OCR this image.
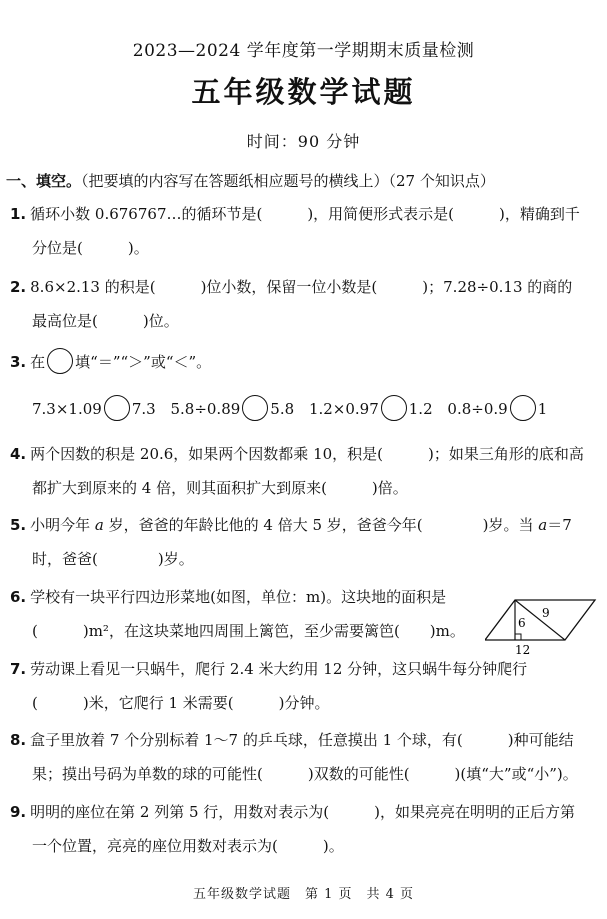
2023—2024 学年度第一学期期末质量检测
五年级数学试题
时间：90 分钟
一、填空。（把要填的内容写在答题纸相应题号的横线上）（27 个知识点）
1. 循环小数 0.676767…的循环节是(　　　)，用简便形式表示是(　　　)，精确到千
分位是(　　　)。
2. 8.6×2.13 的积是(　　　)位小数，保留一位小数是(　　　)；7.28÷0.13 的商的
最高位是(　　　)位。
3. 在 填“＝”“＞”或“＜”。
7.3×1.09 7.3 5.8÷0.89 5.8 1.2×0.97 1.2 0.8÷0.9 1
4. 两个因数的积是 20.6，如果两个因数都乘 10，积是(　　　)；如果三角形的底和高
都扩大到原来的 4 倍，则其面积扩大到原来(　　　)倍。
5. 小明今年 a 岁，爸爸的年龄比他的 4 倍大 5 岁，爸爸今年(　　　　)岁。当 a＝7
时，爸爸(　　　　)岁。
6. 学校有一块平行四边形菜地(如图，单位：m)。这块地的面积是
(　　　)m²，在这块菜地四周围上篱笆，至少需要篱笆(　　)m。
9
6
12
7. 劳动课上看见一只蜗牛，爬行 2.4 米大约用 12 分钟，这只蜗牛每分钟爬行
(　　　)米，它爬行 1 米需要(　　　)分钟。
8. 盒子里放着 7 个分别标着 1～7 的乒乓球，任意摸出 1 个球，有(　　　)种可能结
果；摸出号码为单数的球的可能性(　　　)双数的可能性(　　　)(填“大”或“小”)。
9. 明明的座位在第 2 列第 5 行，用数对表示为(　　　)，如果亮亮在明明的正后方第
一个位置，亮亮的座位用数对表示为(　　　)。
五年级数学试题　第 1 页　共 4 页
